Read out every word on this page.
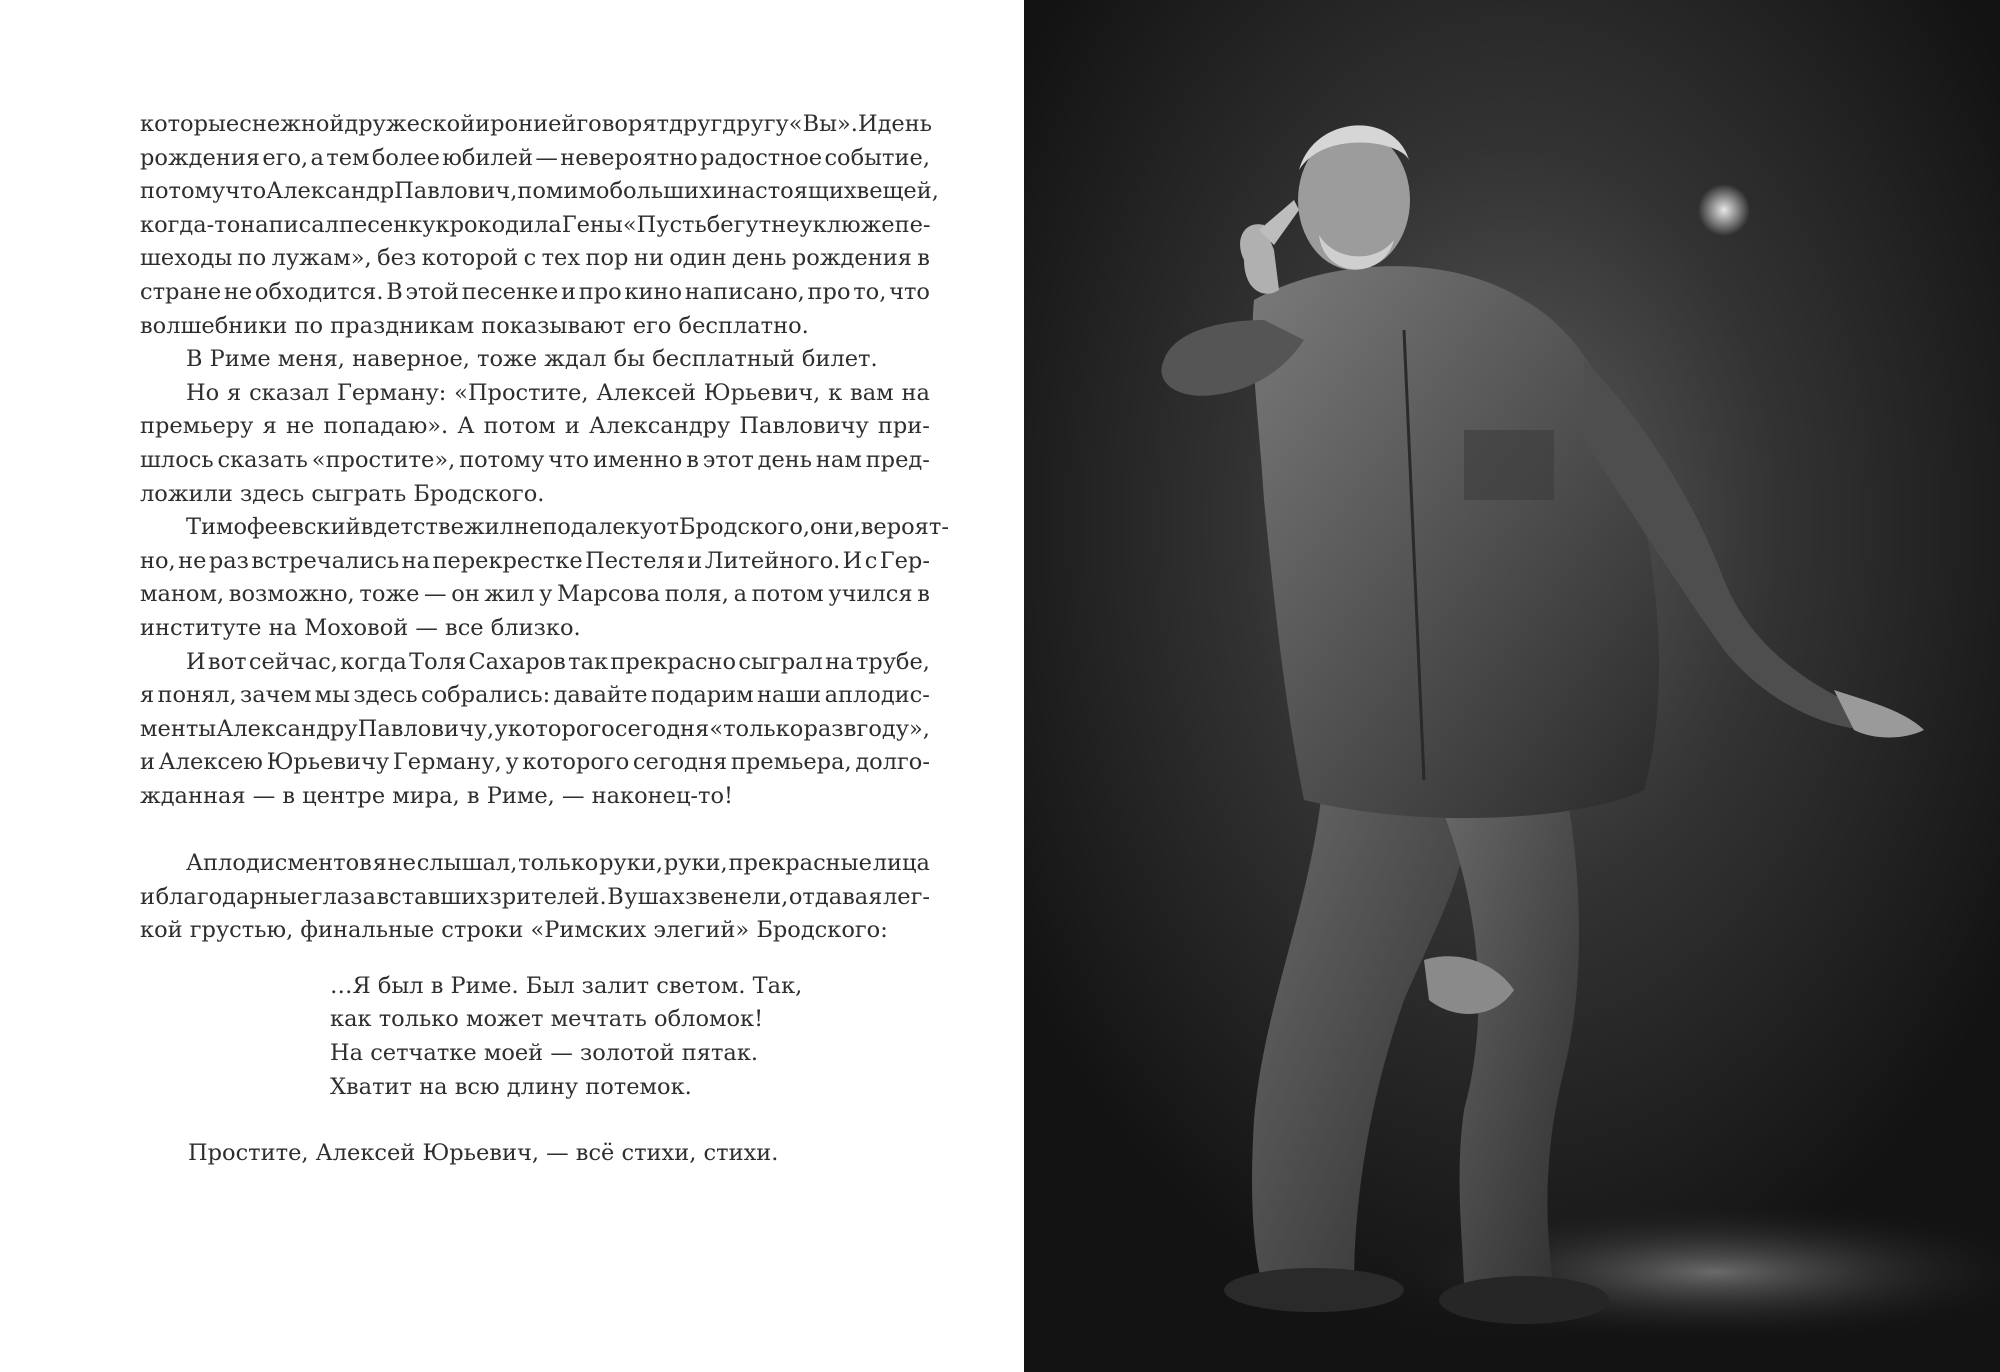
которые с нежной дружеской иронией говорят друг другу «Вы». И день
рождения его, а тем более юбилей — невероятно радостное событие,
потому что Александр Павлович, помимо больших и настоящих вещей,
когда-то написал песенку крокодила Гены «Пусть бегут неуклюже пе-
шеходы по лужам», без которой с тех пор ни один день рождения в
стране не обходится. В этой песенке и про кино написано, про то, что
волшебники по праздникам показывают его бесплатно.
В Риме меня, наверное, тоже ждал бы бесплатный билет.
Но я сказал Герману: «Простите, Алексей Юрьевич, к вам на
премьеру я не попадаю». А потом и Александру Павловичу при-
шлось сказать «простите», потому что именно в этот день нам пред-
ложили здесь сыграть Бродского.
Тимофеевский в детстве жил неподалеку от Бродского, они, вероят-
но, не раз встречались на перекрестке Пестеля и Литейного. И с Гер-
маном, возможно, тоже — он жил у Марсова поля, а потом учился в
институте на Моховой — все близко.
И вот сейчас, когда Толя Сахаров так прекрасно сыграл на трубе,
я понял, зачем мы здесь собрались: давайте подарим наши аплодис-
менты Александру Павловичу, у которого сегодня «только раз в году»,
и Алексею Юрьевичу Герману, у которого сегодня премьера, долго-
жданная — в центре мира, в Риме, — наконец-то!
Аплодисментов я не слышал, только руки, руки, прекрасные лица
и благодарные глаза вставших зрителей. В ушах звенели, отдавая лег-
кой грустью, финальные строки «Римских элегий» Бродского:
…Я был в Риме. Был залит светом. Так,
как только может мечтать обломок!
На сетчатке моей — золотой пятак.
Хватит на всю длину потемок.
Простите, Алексей Юрьевич, — всё стихи, стихи.
